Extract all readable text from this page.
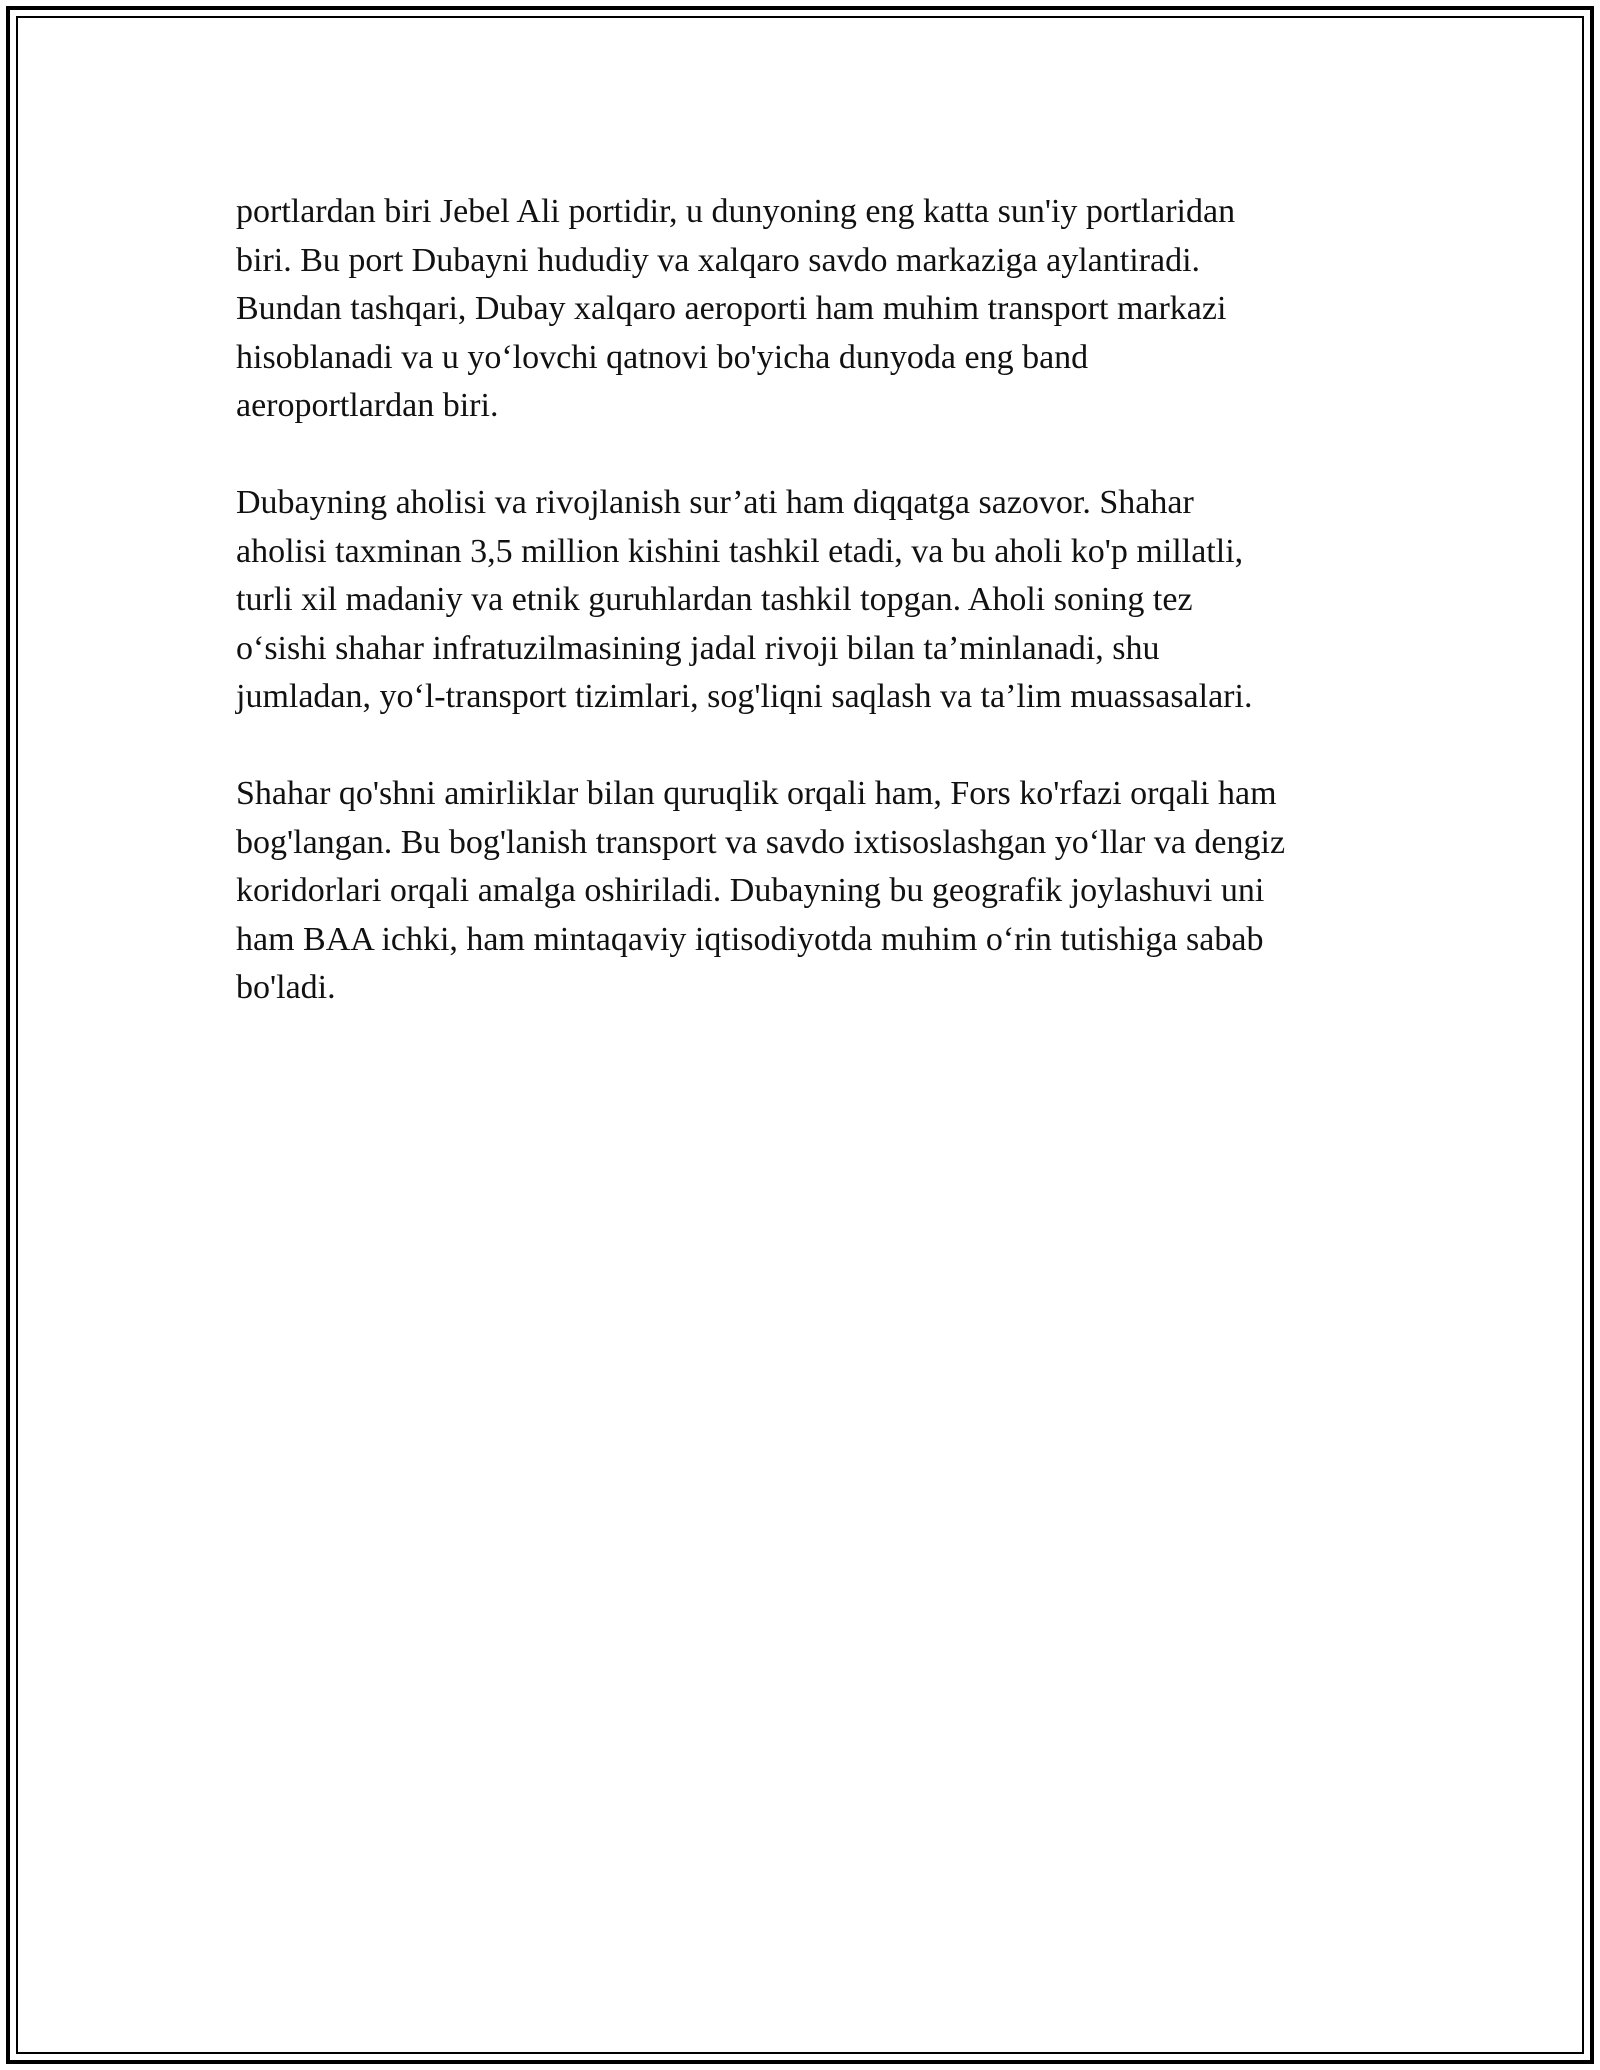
portlardan biri Jebel Ali portidir, u dunyoning eng katta sun'iy portlaridan
biri. Bu port Dubayni hududiy va xalqaro savdo markaziga aylantiradi.
Bundan tashqari, Dubay xalqaro aeroporti ham muhim transport markazi
hisoblanadi va u yo‘lovchi qatnovi bo'yicha dunyoda eng band
aeroportlardan biri.

Dubayning aholisi va rivojlanish sur’ati ham diqqatga sazovor. Shahar
aholisi taxminan 3,5 million kishini tashkil etadi, va bu aholi ko'p millatli,
turli xil madaniy va etnik guruhlardan tashkil topgan. Aholi soning tez
o‘sishi shahar infratuzilmasining jadal rivoji bilan ta’minlanadi, shu
jumladan, yo‘l-transport tizimlari, sog'liqni saqlash va ta’lim muassasalari.

Shahar qo'shni amirliklar bilan quruqlik orqali ham, Fors ko'rfazi orqali ham
bog'langan. Bu bog'lanish transport va savdo ixtisoslashgan yo‘llar va dengiz
koridorlari orqali amalga oshiriladi. Dubayning bu geografik joylashuvi uni
ham BAA ichki, ham mintaqaviy iqtisodiyotda muhim o‘rin tutishiga sabab
bo'ladi.
